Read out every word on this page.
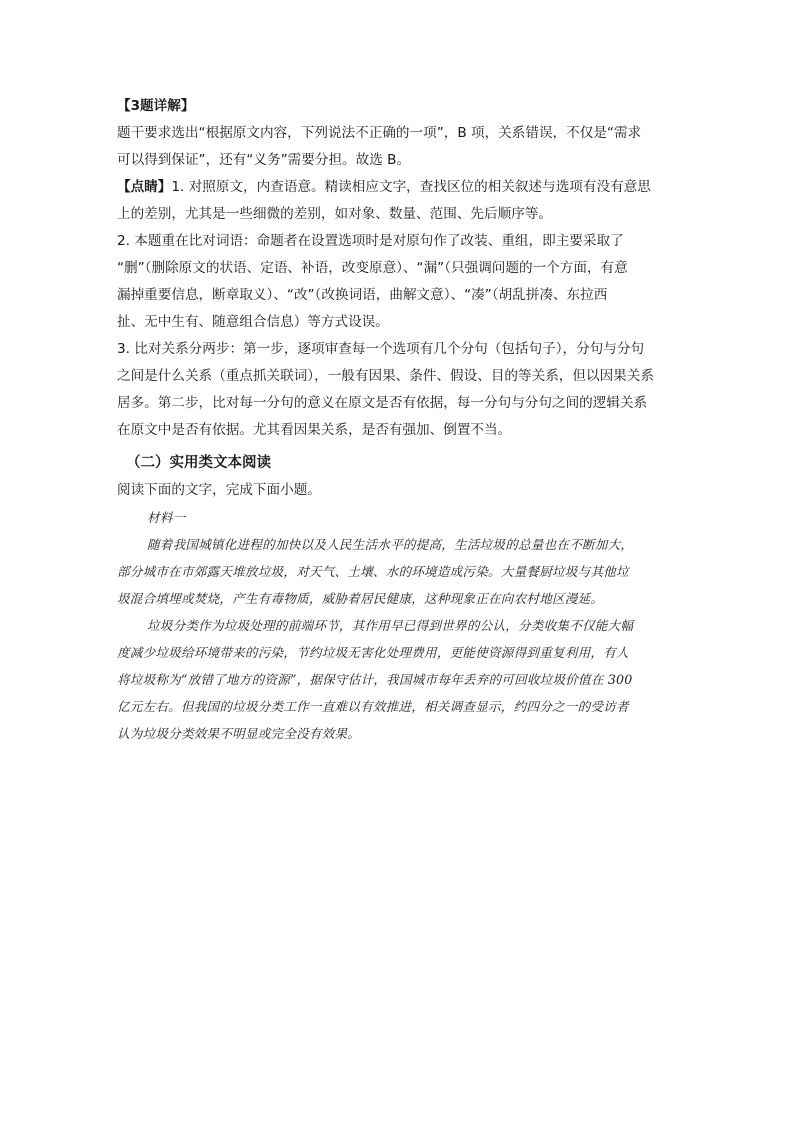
【3题详解】
题干要求选出“根据原文内容，下列说法不正确的一项”，B 项，关系错误，不仅是“需求
可以得到保证”，还有“义务”需要分担。故选 B。
【点睛】1. 对照原文，内查语意。精读相应文字，查找区位的相关叙述与选项有没有意思
上的差别，尤其是一些细微的差别，如对象、数量、范围、先后顺序等。
2. 本题重在比对词语：命题者在设置选项时是对原句作了改装、重组，即主要采取了
“删”（删除原文的状语、定语、补语，改变原意）、“漏”（只强调问题的一个方面，有意
漏掉重要信息，断章取义）、“改”（改换词语，曲解文意）、“凑”（胡乱拼凑、东拉西
扯、无中生有、随意组合信息）等方式设误。
3. 比对关系分两步：第一步，逐项审查每一个选项有几个分句（包括句子），分句与分句
之间是什么关系（重点抓关联词），一般有因果、条件、假设、目的等关系，但以因果关系
居多。第二步，比对每一分句的意义在原文是否有依据，每一分句与分句之间的逻辑关系
在原文中是否有依据。尤其看因果关系，是否有强加、倒置不当。
（二）实用类文本阅读
阅读下面的文字，完成下面小题。
材料一
随着我国城镇化进程的加快以及人民生活水平的提高，生活垃圾的总量也在不断加大，
部分城市在市郊露天堆放垃圾，对天气、土壤、水的环境造成污染。大量餐厨垃圾与其他垃
圾混合填埋或焚烧，产生有毒物质，威胁着居民健康，这种现象正在向农村地区漫延。
垃圾分类作为垃圾处理的前端环节，其作用早已得到世界的公认，分类收集不仅能大幅
度减少垃圾给环境带来的污染，节约垃圾无害化处理费用，更能使资源得到重复利用，有人
将垃圾称为“放错了地方的资源”，据保守估计，我国城市每年丢弃的可回收垃圾价值在 300
亿元左右。但我国的垃圾分类工作一直难以有效推进，相关调查显示，约四分之一的受访者
认为垃圾分类效果不明显或完全没有效果。
